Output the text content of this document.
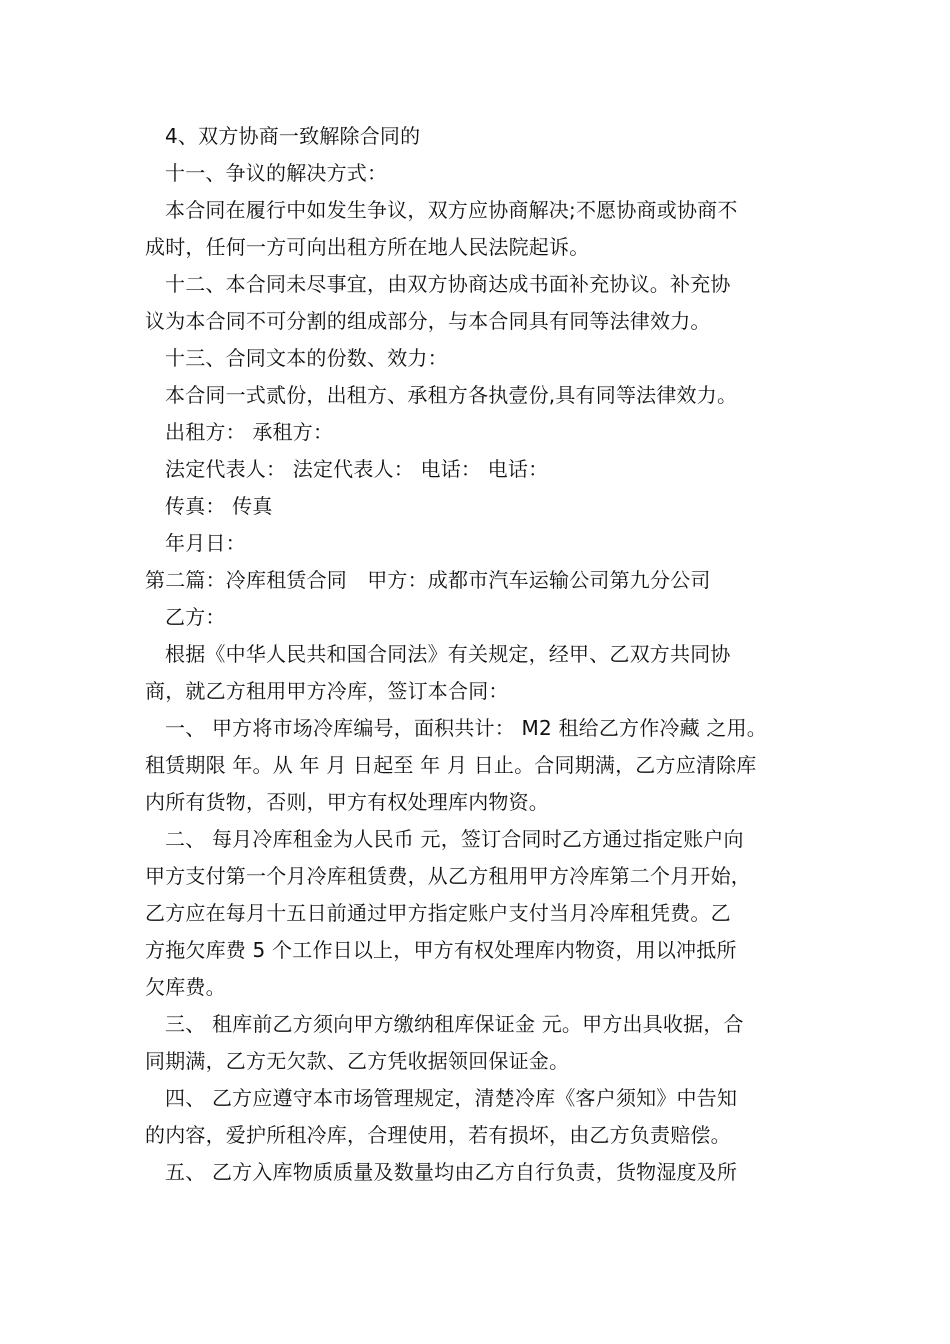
4、双方协商一致解除合同的
十一、争议的解决方式：
本合同在履行中如发生争议，双方应协商解决;不愿协商或协商不
成时，任何一方可向出租方所在地人民法院起诉。
十二、本合同未尽事宜，由双方协商达成书面补充协议。补充协
议为本合同不可分割的组成部分，与本合同具有同等法律效力。
十三、合同文本的份数、效力：
本合同一式贰份，出租方、承租方各执壹份,具有同等法律效力。
出租方： 承租方：
法定代表人： 法定代表人： 电话： 电话：
传真： 传真
年月日：
第二篇：冷库租赁合同　甲方：成都市汽车运输公司第九分公司
乙方：
根据《中华人民共和国合同法》有关规定，经甲、乙双方共同协
商，就乙方租用甲方冷库，签订本合同：
一、 甲方将市场冷库编号，面积共计： M2 租给乙方作冷藏 之用。
租赁期限 年。从 年 月 日起至 年 月 日止。合同期满，乙方应清除库
内所有货物，否则，甲方有权处理库内物资。
二、 每月冷库租金为人民币 元，签订合同时乙方通过指定账户向
甲方支付第一个月冷库租赁费，从乙方租用甲方冷库第二个月开始，
乙方应在每月十五日前通过甲方指定账户支付当月冷库租凭费。乙
方拖欠库费 5 个工作日以上，甲方有权处理库内物资，用以冲抵所
欠库费。
三、 租库前乙方须向甲方缴纳租库保证金 元。甲方出具收据，合
同期满，乙方无欠款、乙方凭收据领回保证金。
四、 乙方应遵守本市场管理规定，清楚冷库《客户须知》中告知
的内容，爱护所租冷库，合理使用，若有损坏，由乙方负责赔偿。
五、 乙方入库物质质量及数量均由乙方自行负责，货物湿度及所
